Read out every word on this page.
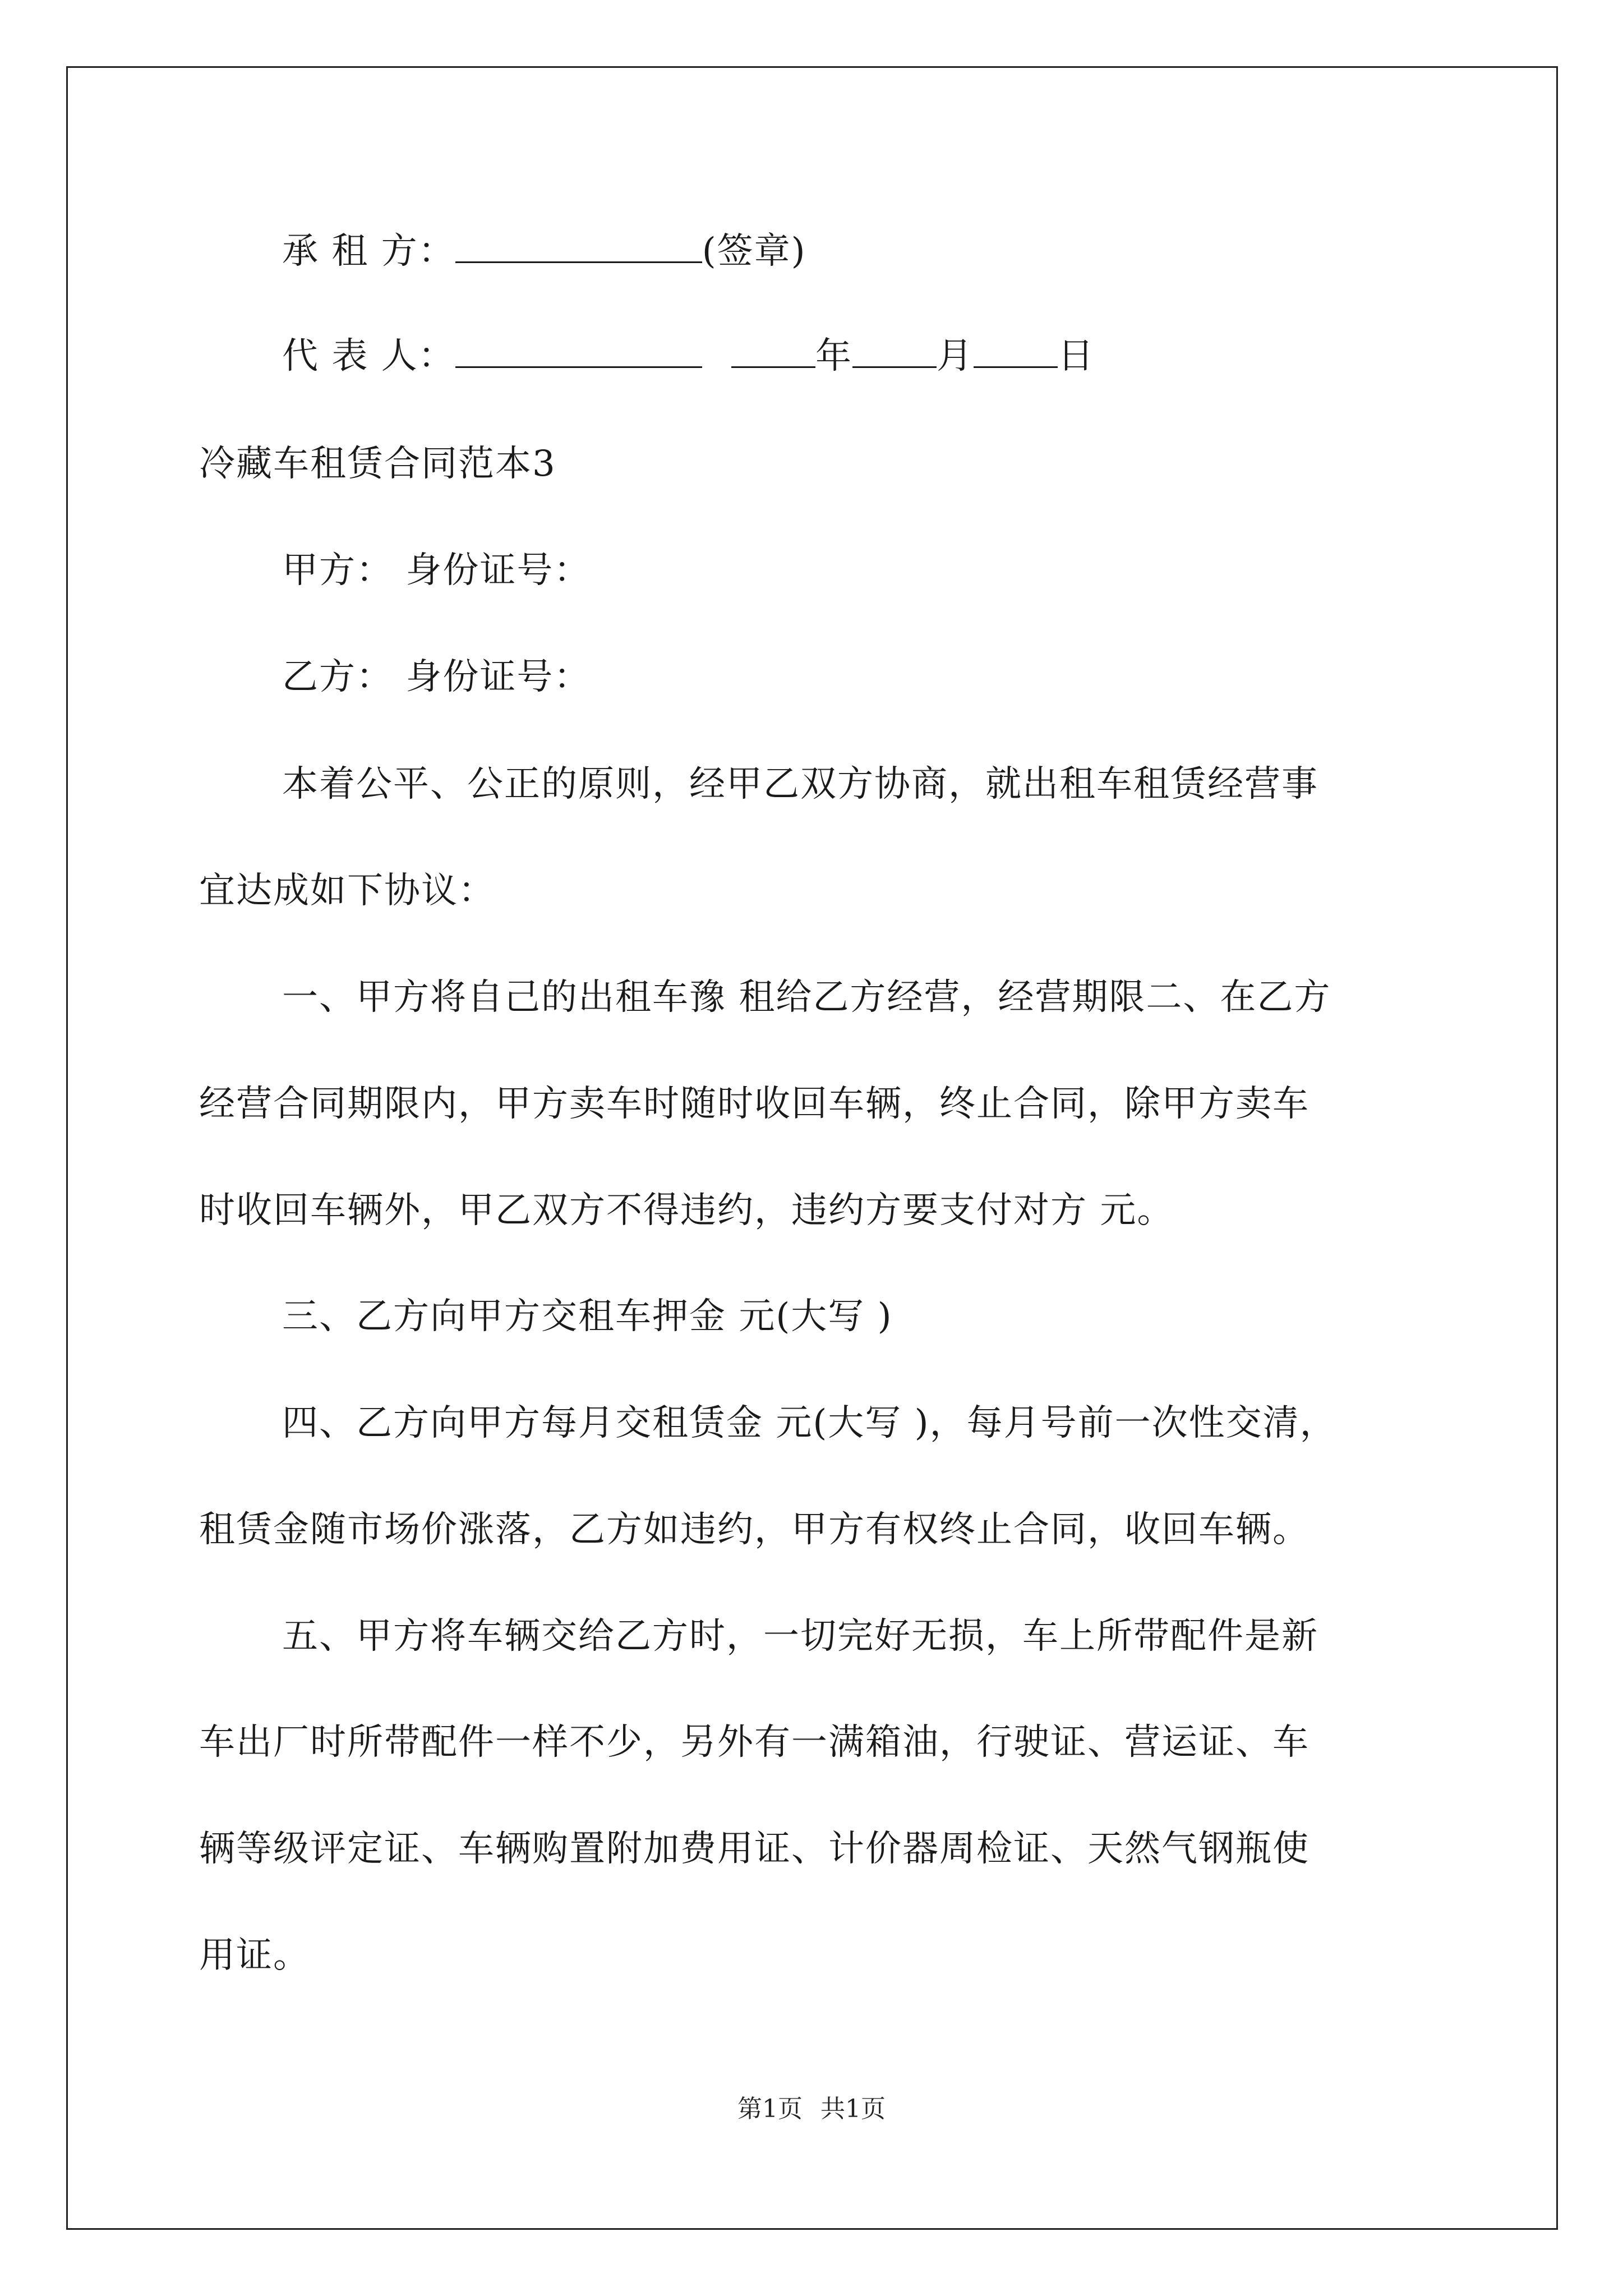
承 租 方：	(签章)
代 表 人：	年 月 日
冷藏车租赁合同范本3
甲方： 身份证号：
乙方： 身份证号：
本着公平、公正的原则，经甲乙双方协商，就出租车租赁经营事
宜达成如下协议：
一、甲方将自己的出租车豫 租给乙方经营，经营期限二、在乙方
经营合同期限内，甲方卖车时随时收回车辆，终止合同，除甲方卖车
时收回车辆外，甲乙双方不得违约，违约方要支付对方 元。
三、乙方向甲方交租车押金 元(大写 )
四、乙方向甲方每月交租赁金 元(大写 )，每月号前一次性交清，
租赁金随市场价涨落，乙方如违约，甲方有权终止合同，收回车辆。
五、甲方将车辆交给乙方时，一切完好无损，车上所带配件是新
车出厂时所带配件一样不少，另外有一满箱油，行驶证、营运证、车
辆等级评定证、车辆购置附加费用证、计价器周检证、天然气钢瓶使
用证。
第1页 共1页
